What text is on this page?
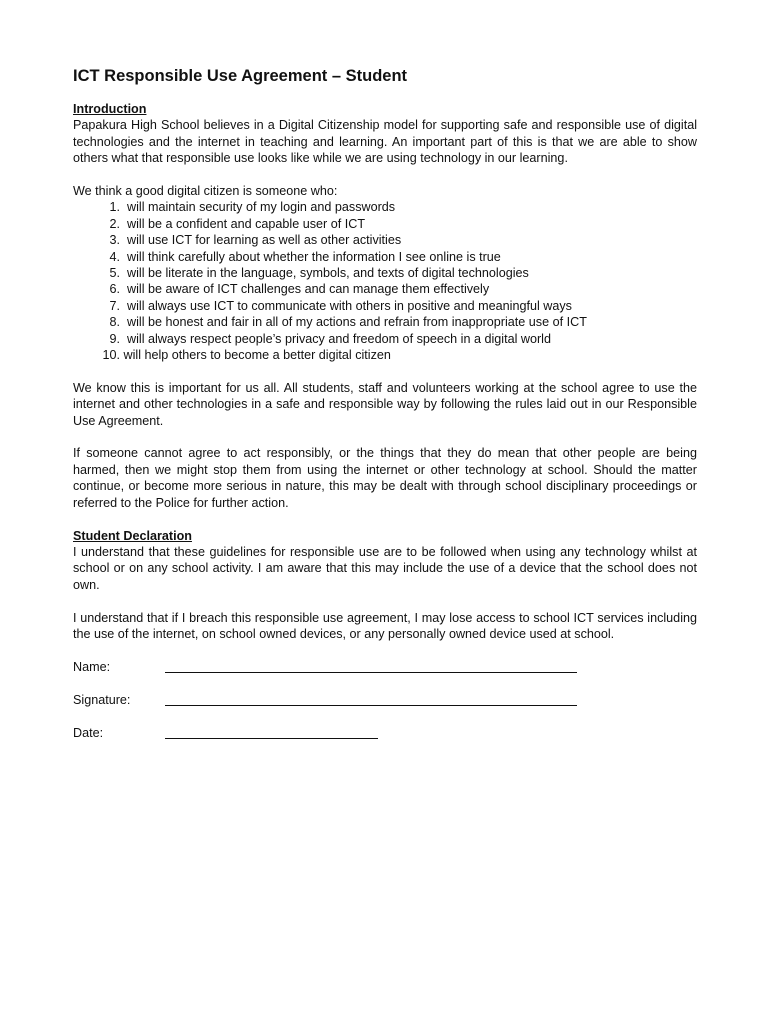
ICT Responsible Use Agreement – Student
Introduction

Papakura High School believes in a Digital Citizenship model for supporting safe and responsible use of digital technologies and the internet in teaching and learning. An important part of this is that we are able to show others what that responsible use looks like while we are using technology in our learning.

We think a good digital citizen is someone who:

1.
will maintain security of my login and passwords
2.
will be a confident and capable user of ICT
3.
will use ICT for learning as well as other activities
4.
will think carefully about whether the information I see online is true
5.
will be literate in the language, symbols, and texts of digital technologies
6.
will be aware of ICT challenges and can manage them effectively
7.
will always use ICT to communicate with others in positive and meaningful ways
8.
will be honest and fair in all of my actions and refrain from inappropriate use of ICT
9.
will always respect people’s privacy and freedom of speech in a digital world
10.
will help others to become a better digital citizen

We know this is important for us all. All students, staff and volunteers working at the school agree to use the internet and other technologies in a safe and responsible way by following the rules laid out in our Responsible Use Agreement.

If someone cannot agree to act responsibly, or the things that they do mean that other people are being harmed, then we might stop them from using the internet or other technology at school. Should the matter continue, or become more serious in nature, this may be dealt with through school disciplinary proceedings or referred to the Police for further action.

Student Declaration

I understand that these guidelines for responsible use are to be followed when using any technology whilst at school or on any school activity. I am aware that this may include the use of a device that the school does not own.

I understand that if I breach this responsible use agreement, I may lose access to school ICT services including the use of the internet, on school owned devices, or any personally owned device used at school.

Name:
Signature:
Date:
